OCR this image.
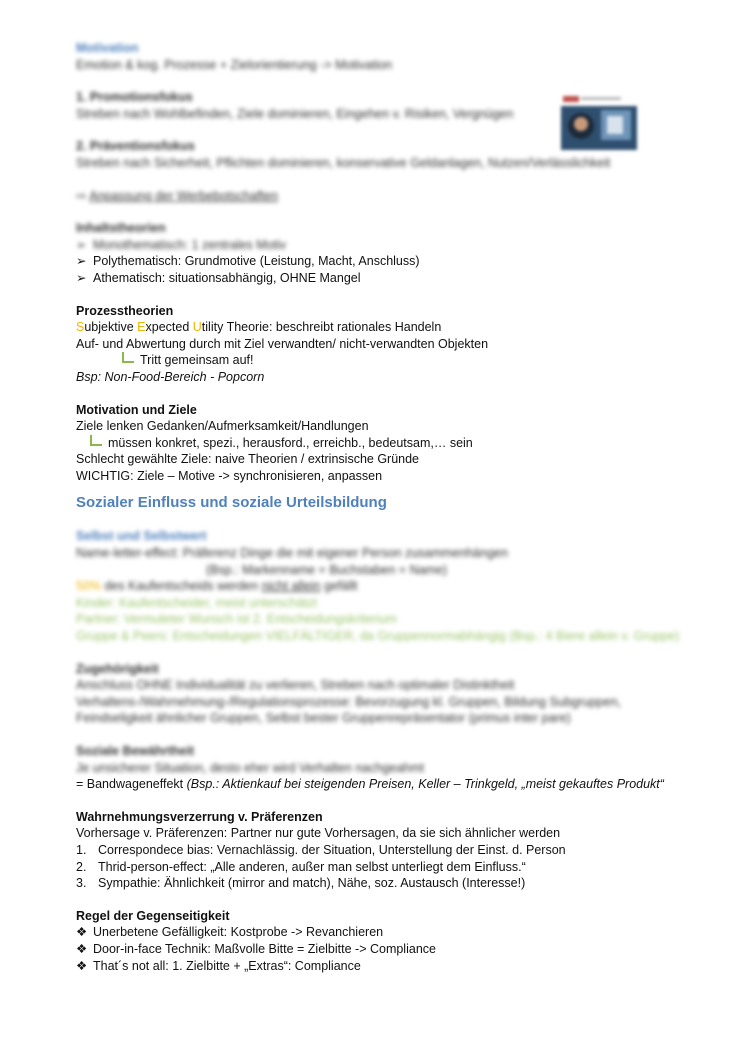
Motivation
Emotion & kog. Prozesse + Zielorientierung -> Motivation
1. Promotionsfokus
Streben nach Wohlbefinden, Ziele dominieren, Eingehen v. Risiken, Vergnügen
2. Präventionsfokus
Streben nach Sicherheit, Pflichten dominieren, konservative Geldanlagen, Nutzen/Verlässlichkeit
⇨ Anpassung der Werbebotschaften
Inhaltstheorien
➢ Monothematisch: 1 zentrales Motiv
➢ Polythematisch: Grundmotive (Leistung, Macht, Anschluss)
➢ Athematisch: situationsabhängig, OHNE Mangel
Prozesstheorien
Subjektive Expected Utility Theorie: beschreibt rationales Handeln
Auf- und Abwertung durch mit Ziel verwandten/ nicht-verwandten Objekten
Tritt gemeinsam auf!
Bsp: Non-Food-Bereich - Popcorn
Motivation und Ziele
Ziele lenken Gedanken/Aufmerksamkeit/Handlungen
müssen konkret, spezi., herausford., erreichb., bedeutsam,… sein
Schlecht gewählte Ziele: naive Theorien / extrinsische Gründe
WICHTIG: Ziele – Motive -> synchronisieren, anpassen
Sozialer Einfluss und soziale Urteilsbildung
Selbst und Selbstwert
Name-letter-effect: Präferenz Dinge die mit eigener Person zusammenhängen
(Bsp.: Markenname = Buchstaben = Name)
50% des Kaufentscheids werden nicht allein gefällt
Kinder: Kaufentscheider, meist unterschätzt
Partner: Vermuteter Wunsch ist 2. Entscheidungskriterium
Gruppe & Peers: Entscheidungen VIELFÄLTIGER, da Gruppennormabhängig (Bsp.: 4 Biere allein v. Gruppe)
Zugehörigkeit
Anschluss OHNE Individualität zu verlieren, Streben nach optimaler Distinktheit
Verhaltens-/Wahrnehmung-/Regulationsprozesse: Bevorzugung kl. Gruppen, Bildung Subgruppen,
Feindseligkeit ähnlicher Gruppen, Selbst bester Gruppenrepräsentator (primus inter pare)
Soziale Bewährtheit
Je unsicherer Situation, desto eher wird Verhalten nachgeahmt
= Bandwageneffekt (Bsp.: Aktienkauf bei steigenden Preisen, Keller – Trinkgeld, „meist gekauftes Produkt“
Wahrnehmungsverzerrung v. Präferenzen
Vorhersage v. Präferenzen: Partner nur gute Vorhersagen, da sie sich ähnlicher werden
1. Correspondece bias: Vernachlässig. der Situation, Unterstellung der Einst. d. Person
2. Thrid-person-effect: „Alle anderen, außer man selbst unterliegt dem Einfluss.“
3. Sympathie: Ähnlichkeit (mirror and match), Nähe, soz. Austausch (Interesse!)
Regel der Gegenseitigkeit
❖ Unerbetene Gefälligkeit: Kostprobe -> Revanchieren
❖ Door-in-face Technik: Maßvolle Bitte = Zielbitte -> Compliance
❖ That´s not all: 1. Zielbitte + „Extras“: Compliance
